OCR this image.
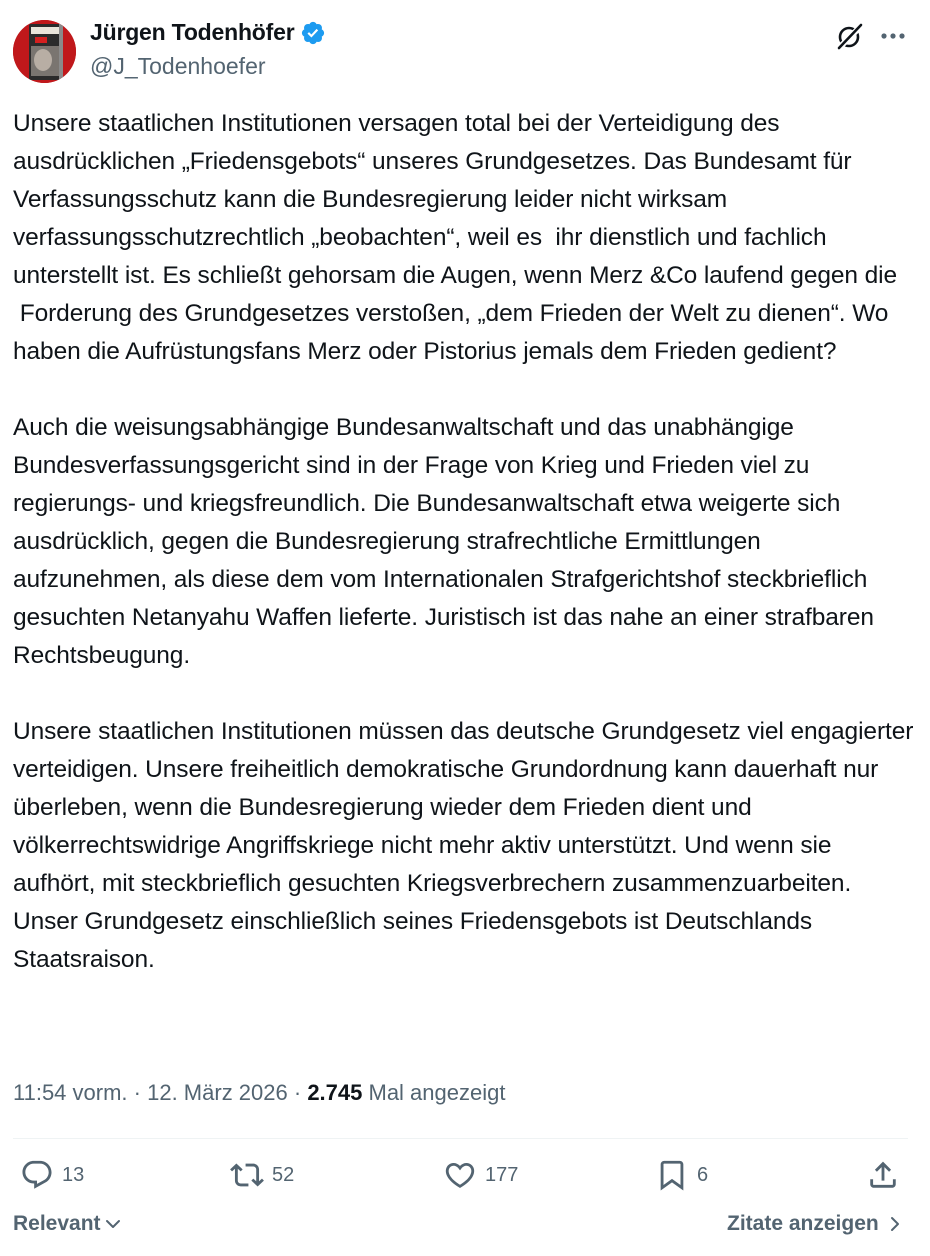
Jürgen Todenhöfer
@J_Todenhoefer
Unsere staatlichen Institutionen versagen total bei der Verteidigung des ausdrücklichen „Friedensgebots“ unseres Grundgesetzes. Das Bundesamt für Verfassungsschutz kann die Bundesregierung leider nicht wirksam verfassungsschutzrechtlich „beobachten“, weil es  ihr dienstlich und fachlich unterstellt ist. Es schließt gehorsam die Augen, wenn Merz &Co laufend gegen die
Forderung des Grundgesetzes verstoßen, „dem Frieden der Welt zu dienen“. Wo haben die Aufrüstungsfans Merz oder Pistorius jemals dem Frieden gedient?

Auch die weisungsabhängige Bundesanwaltschaft und das unabhängige Bundesverfassungsgericht sind in der Frage von Krieg und Frieden viel zu regierungs- und kriegsfreundlich. Die Bundesanwaltschaft etwa weigerte sich ausdrücklich, gegen die Bundesregierung strafrechtliche Ermittlungen aufzunehmen, als diese dem vom Internationalen Strafgerichtshof steckbrieflich gesuchten Netanyahu Waffen lieferte. Juristisch ist das nahe an einer strafbaren Rechtsbeugung.

Unsere staatlichen Institutionen müssen das deutsche Grundgesetz viel engagierter verteidigen. Unsere freiheitlich demokratische Grundordnung kann dauerhaft nur überleben, wenn die Bundesregierung wieder dem Frieden dient und völkerrechtswidrige Angriffskriege nicht mehr aktiv unterstützt. Und wenn sie aufhört, mit steckbrieflich gesuchten Kriegsverbrechern zusammenzuarbeiten. Unser Grundgesetz einschließlich seines Friedensgebots ist Deutschlands Staatsraison.
11:54 vorm. · 12. März 2026 · 2.745 Mal angezeigt
13	52	177	6
Relevant	Zitate anzeigen
